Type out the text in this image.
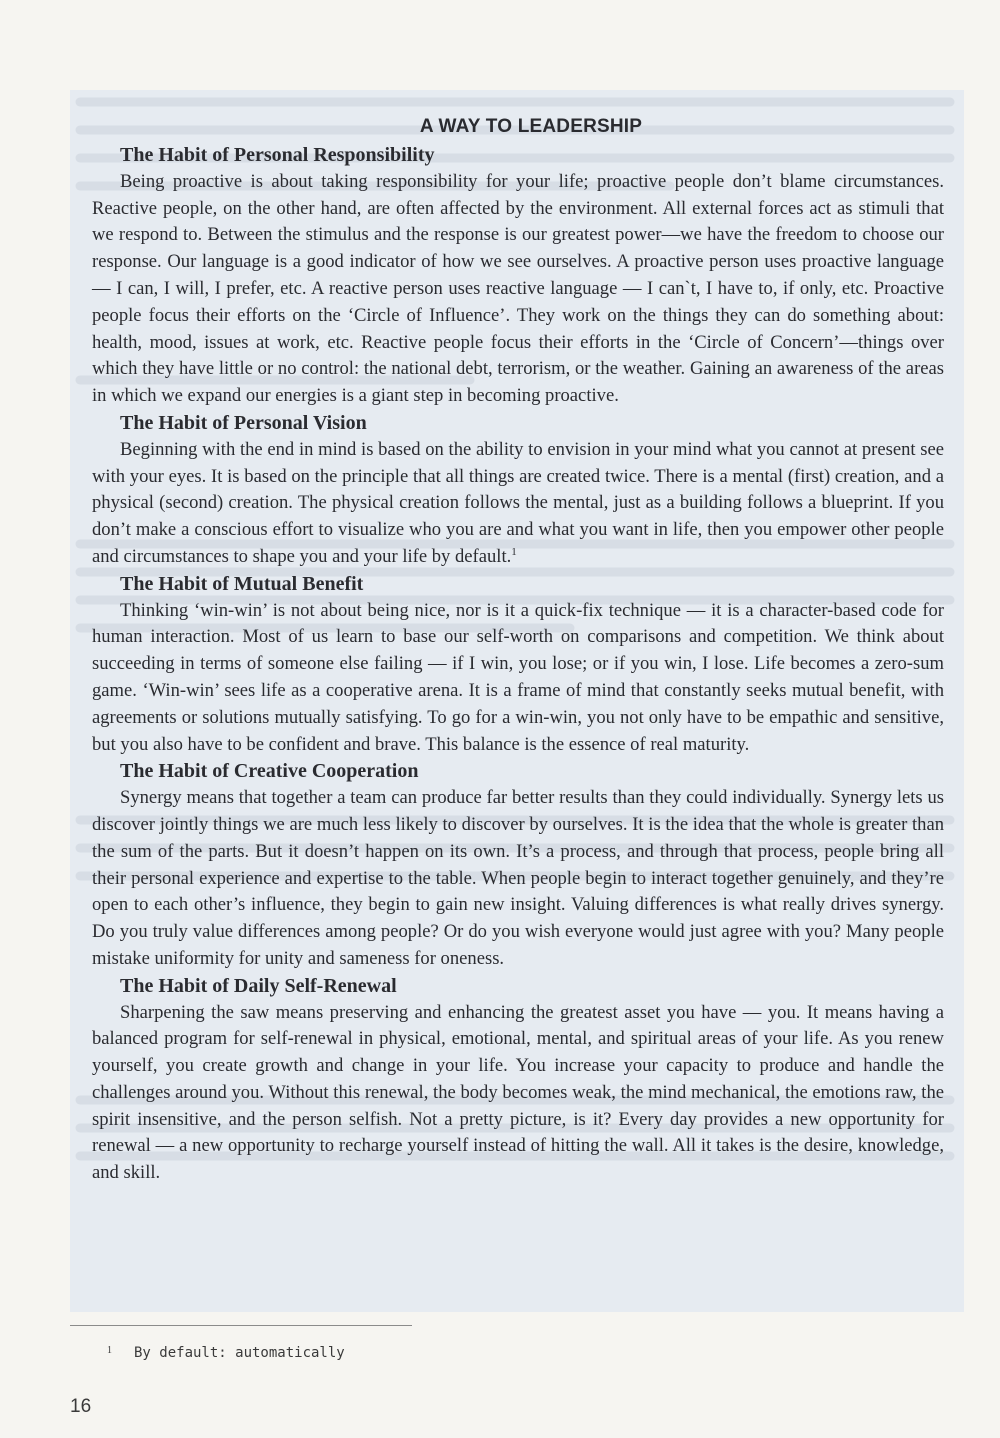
A WAY TO LEADERSHIP
The Habit of Personal Responsibility

Being proactive is about taking responsibility for your life; proactive people don’t blame circumstances. Reactive people, on the other hand, are often affected by the environment. All external forces act as stimuli that we respond to. Between the stimulus and the response is our greatest power—we have the freedom to choose our response. Our language is a good indicator of how we see ourselves. A proactive person uses proactive language — I can, I will, I prefer, etc. A reactive person uses reactive language — I can`t, I have to, if only, etc. Proactive people focus their efforts on the ‘Circle of Influence’. They work on the things they can do something about: health, mood, issues at work, etc. Reactive people focus their efforts in the ‘Circle of Concern’—things over which they have little or no control: the national debt, terrorism, or the weather. Gaining an awareness of the areas in which we expand our energies is a giant step in becoming proactive.

The Habit of Personal Vision

Beginning with the end in mind is based on the ability to envision in your mind what you cannot at present see with your eyes. It is based on the principle that all things are created twice. There is a mental (first) creation, and a physical (second) creation. The physical creation follows the mental, just as a building follows a blueprint. If you don’t make a conscious effort to visualize who you are and what you want in life, then you empower other people and circumstances to shape you and your life by default.$^1$

The Habit of Mutual Benefit

Thinking ‘win-win’ is not about being nice, nor is it a quick-fix technique — it is a character-based code for human interaction. Most of us learn to base our self-worth on comparisons and competition. We think about succeeding in terms of someone else failing — if I win, you lose; or if you win, I lose. Life becomes a zero-sum game. ‘Win-win’ sees life as a cooperative arena. It is a frame of mind that constantly seeks mutual benefit, with agreements or solutions mutually satisfying. To go for a win-win, you not only have to be empathic and sensitive, but you also have to be confident and brave. This balance is the essence of real maturity.

The Habit of Creative Cooperation

Synergy means that together a team can produce far better results than they could individually. Synergy lets us discover jointly things we are much less likely to discover by ourselves. It is the idea that the whole is greater than the sum of the parts. But it doesn’t happen on its own. It’s a process, and through that process, people bring all their personal experience and expertise to the table. When people begin to interact together genuinely, and they’re open to each other’s influence, they begin to gain new insight. Valuing differences is what really drives synergy. Do you truly value differences among people? Or do you wish everyone would just agree with you? Many people mistake uniformity for unity and sameness for oneness.

The Habit of Daily Self-Renewal

Sharpening the saw means preserving and enhancing the greatest asset you have — you. It means having a balanced program for self-renewal in physical, emotional, mental, and spiritual areas of your life. As you renew yourself, you create growth and change in your life. You increase your capacity to produce and handle the challenges around you. Without this renewal, the body becomes weak, the mind mechanical, the emotions raw, the spirit insensitive, and the person selfish. Not a pretty picture, is it? Every day provides a new opportunity for renewal — a new opportunity to recharge yourself instead of hitting the wall. All it takes is the desire, knowledge, and skill.

$^1$ By default: automatically
16
